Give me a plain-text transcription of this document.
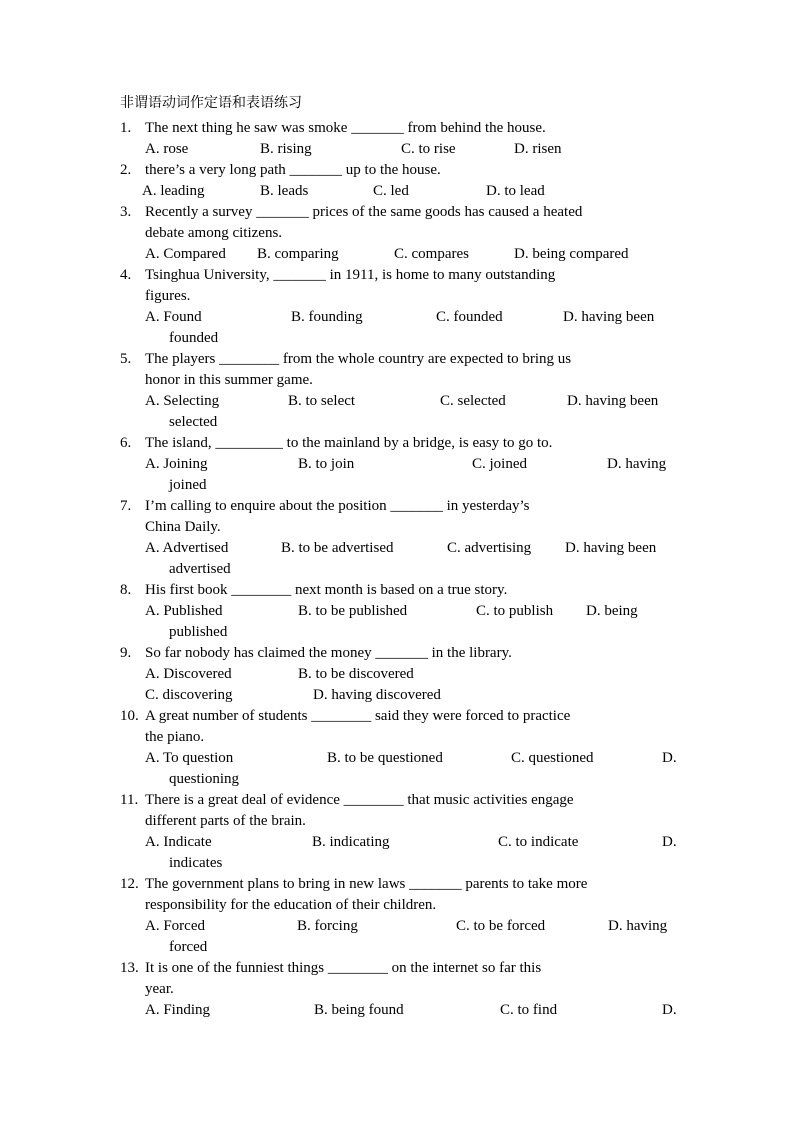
非谓语动词作定语和表语练习
1. The next thing he saw was smoke _______ from behind the house.
A. rose	B. rising	C. to rise	D. risen
2. there’s a very long path _______ up to the house.
A. leading	B. leads	C. led	D. to lead
3. Recently a survey _______ prices of the same goods has caused a heated
debate among citizens.
A. Compared B. comparing	C. compares	D. being compared
4. Tsinghua University, _______ in 1911, is home to many outstanding
figures.
A. Found	B. founding	C. founded	D. having been
founded
5. The players ________ from the whole country are expected to bring us
honor in this summer game.
A. Selecting	B. to select	C. selected	D. having been
selected
6. The island, _________ to the mainland by a bridge, is easy to go to.
A. Joining	B. to join	C. joined	D. having
joined
7. I’m calling to enquire about the position _______ in yesterday’s
China Daily.
A. Advertised	B. to be advertised	C. advertising D. having been
advertised
8. His first book ________ next month is based on a true story.
A. Published	B. to be published	C. to publish D. being
published
9. So far nobody has claimed the money _______ in the library.
A. Discovered	B. to be discovered
C. discovering	D. having discovered
10. A great number of students ________ said they were forced to practice
the piano.
A. To question	B. to be questioned	C. questioned	D.
questioning
11. There is a great deal of evidence ________ that music activities engage
different parts of the brain.
A. Indicate	B. indicating	C. to indicate	D.
indicates
12. The government plans to bring in new laws _______ parents to take more
responsibility for the education of their children.
A. Forced	B. forcing	C. to be forced	D. having
forced
13. It is one of the funniest things ________ on the internet so far this
year.
A. Finding	B. being found	C. to find	D.
